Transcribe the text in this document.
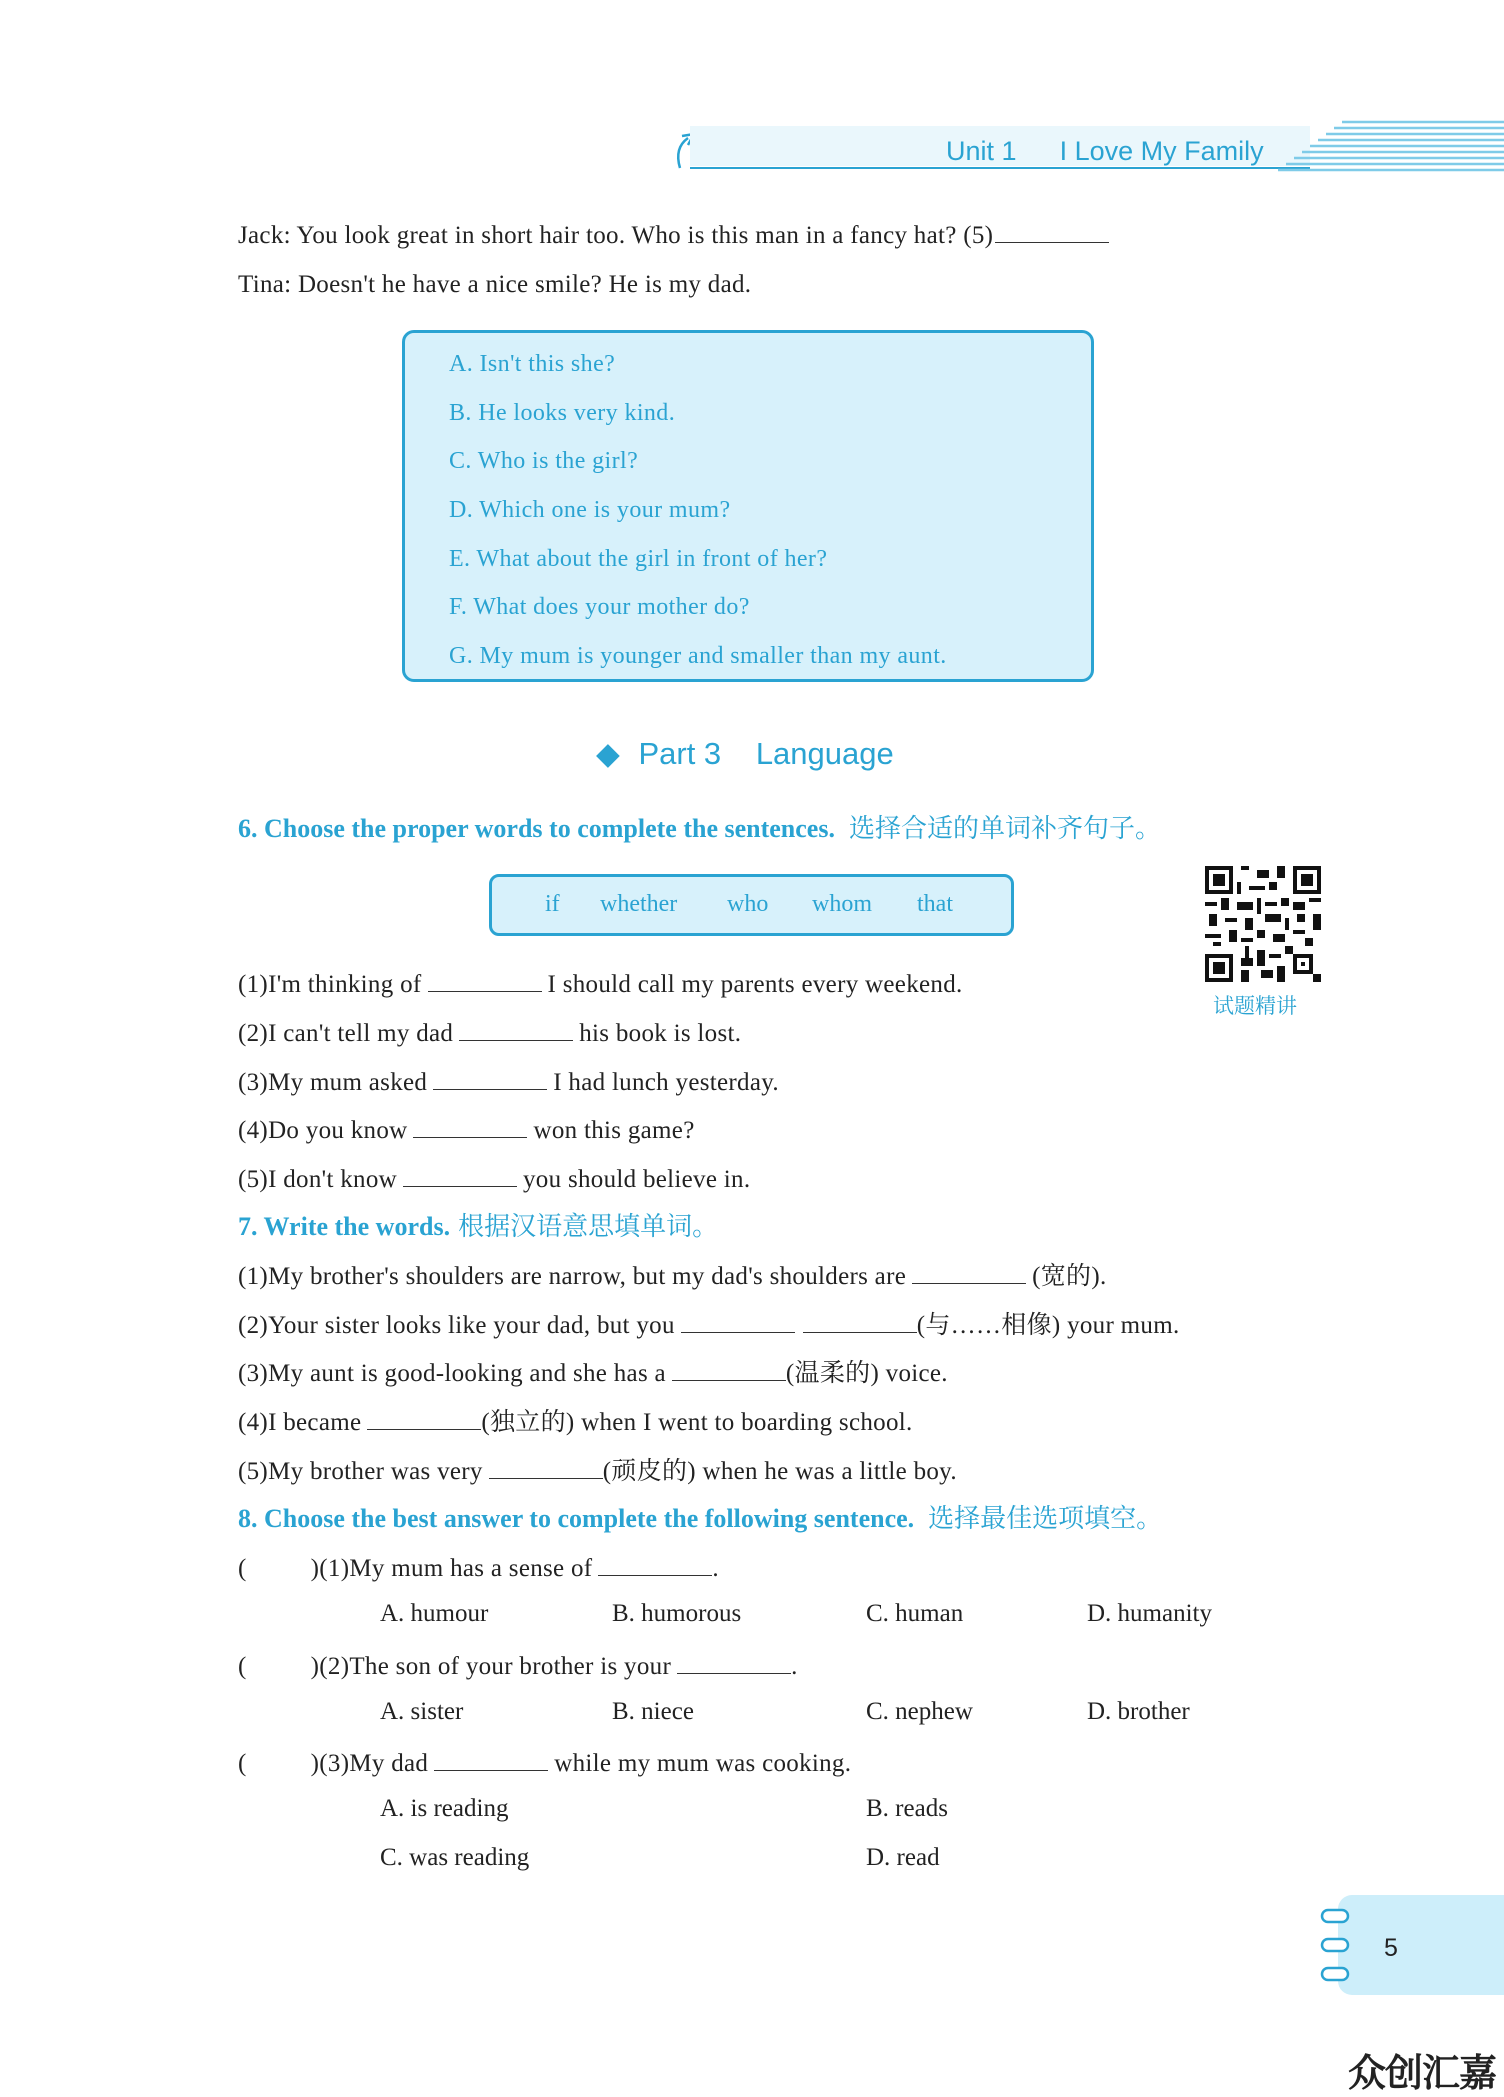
Unit 1 I Love My Family
Jack: You look great in short hair too. Who is this man in a fancy hat? (5)
Tina: Doesn't he have a nice smile? He is my dad.
A. Isn't this she?
B. He looks very kind.
C. Who is the girl?
D. Which one is your mum?
E. What about the girl in front of her?
F. What does your mother do?
G. My mum is younger and smaller than my aunt.
◆ Part 3 Language
6. Choose the proper words to complete the sentences. 选择合适的单词补齐句子。
if whether who whom that
试题精讲
(1)I'm thinking of	I should call my parents every weekend.
(2)I can't tell my dad	his book is lost.
(3)My mum asked	I had lunch yesterday.
(4)Do you know	won this game?
(5)I don't know	you should believe in.
7. Write the words. 根据汉语意思填单词。
(1)My brother's shoulders are narrow, but my dad's shoulders are	(宽的).
(2)Your sister looks like your dad, but you	(与……相像) your mum.
(3)My aunt is good-looking and she has a	(温柔的) voice.
(4)I became	(独立的) when I went to boarding school.
(5)My brother was very	(顽皮的) when he was a little boy.
8. Choose the best answer to complete the following sentence. 选择最佳选项填空。
(	)(1)My mum has a sense of	.
A. humour	B. humorous	C. human	D. humanity
(	)(2)The son of your brother is your	.
A. sister	B. niece	C. nephew	D. brother
(	)(3)My dad	while my mum was cooking.
A. is reading	B. reads
C. was reading	D. read
5
众创汇嘉
